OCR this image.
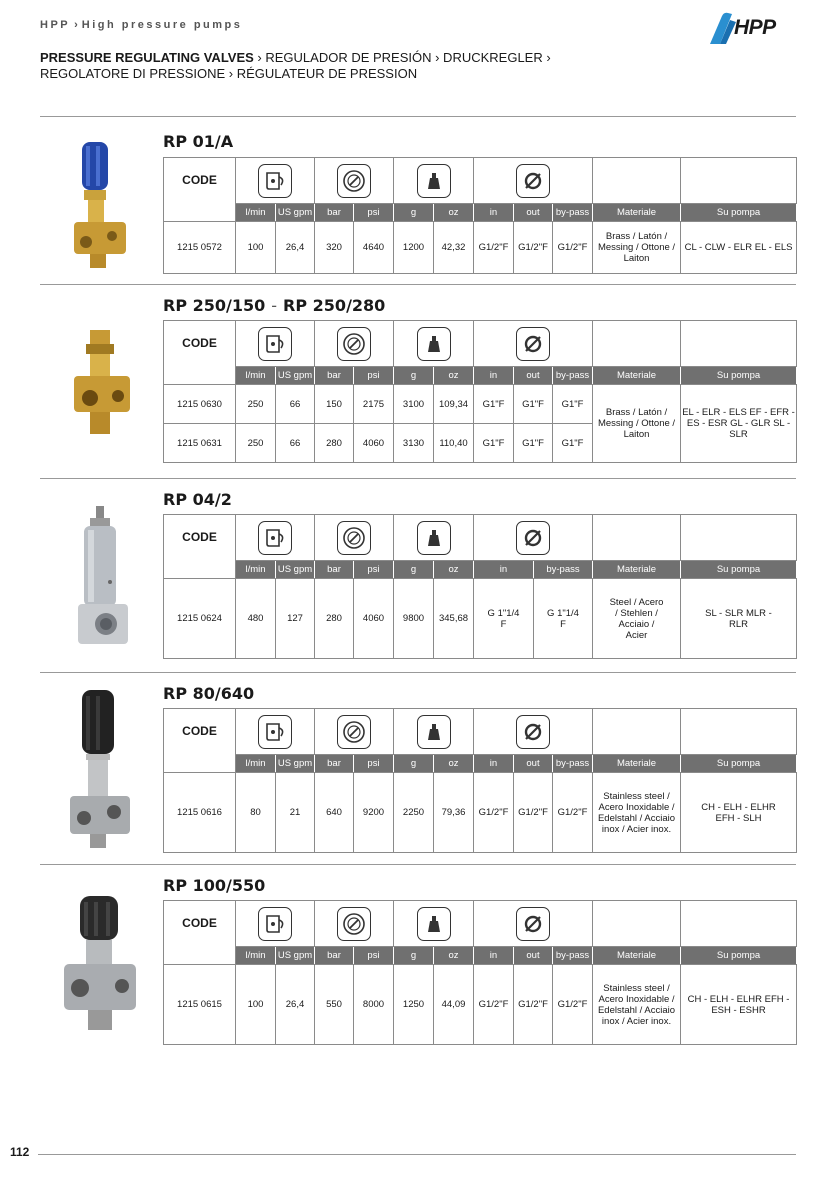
HPP › High pressure pumps	HPP
PRESSURE REGULATING VALVES › REGULADOR DE PRESIÓN › DRUCKREGLER ›
REGOLATORE DI PRESSIONE › RÉGULATEUR DE PRESSION
RP 01/A
CODE	

	l/min	US gpm	bar	psi	g	oz	in	out	by-pass	Materiale	Su pompa
1215 0572	100	26,4	320	4640	1200	42,32	G1/2"F	G1/2"F	G1/2"F	Brass / Latón / Messing / Ottone / Laiton	CL - CLW - ELR EL - ELS
RP 250/150 - RP 250/280
CODE	

	l/min	US gpm	bar	psi	g	oz	in	out	by-pass	Materiale	Su pompa
1215 0630	250	66	150	2175	3100	109,34	G1"F	G1"F	G1"F	Brass / Latón / Messing / Ottone / Laiton	EL - ELR - ELS EF - EFR - ES - ESR GL - GLR SL - SLR
1215 0631	250	66	280	4060	3130	110,40	G1"F	G1"F	G1"F		
RP 04/2
CODE	

	l/min	US gpm	bar	psi	g	oz	in	by-pass	Materiale	Su pompa
1215 0624	480	127	280	4060	9800	345,68	G 1"1/4 F	G 1"1/4 F	Steel / Acero / Stehlen / Acciaio / Acier	SL - SLR MLR - RLR
RP 80/640
CODE	

	l/min	US gpm	bar	psi	g	oz	in	out	by-pass	Materiale	Su pompa
1215 0616	80	21	640	9200	2250	79,36	G1/2"F	G1/2"F	G1/2"F	Stainless steel / Acero Inoxidable / Edelstahl / Acciaio inox / Acier inox.	CH - ELH - ELHR EFH - SLH
RP 100/550
CODE	

	l/min	US gpm	bar	psi	g	oz	in	out	by-pass	Materiale	Su pompa
1215 0615	100	26,4	550	8000	1250	44,09	G1/2"F	G1/2"F	G1/2"F	Stainless steel / Acero Inoxidable / Edelstahl / Acciaio inox / Acier inox.	CH - ELH - ELHR EFH - ESH - ESHR
112
